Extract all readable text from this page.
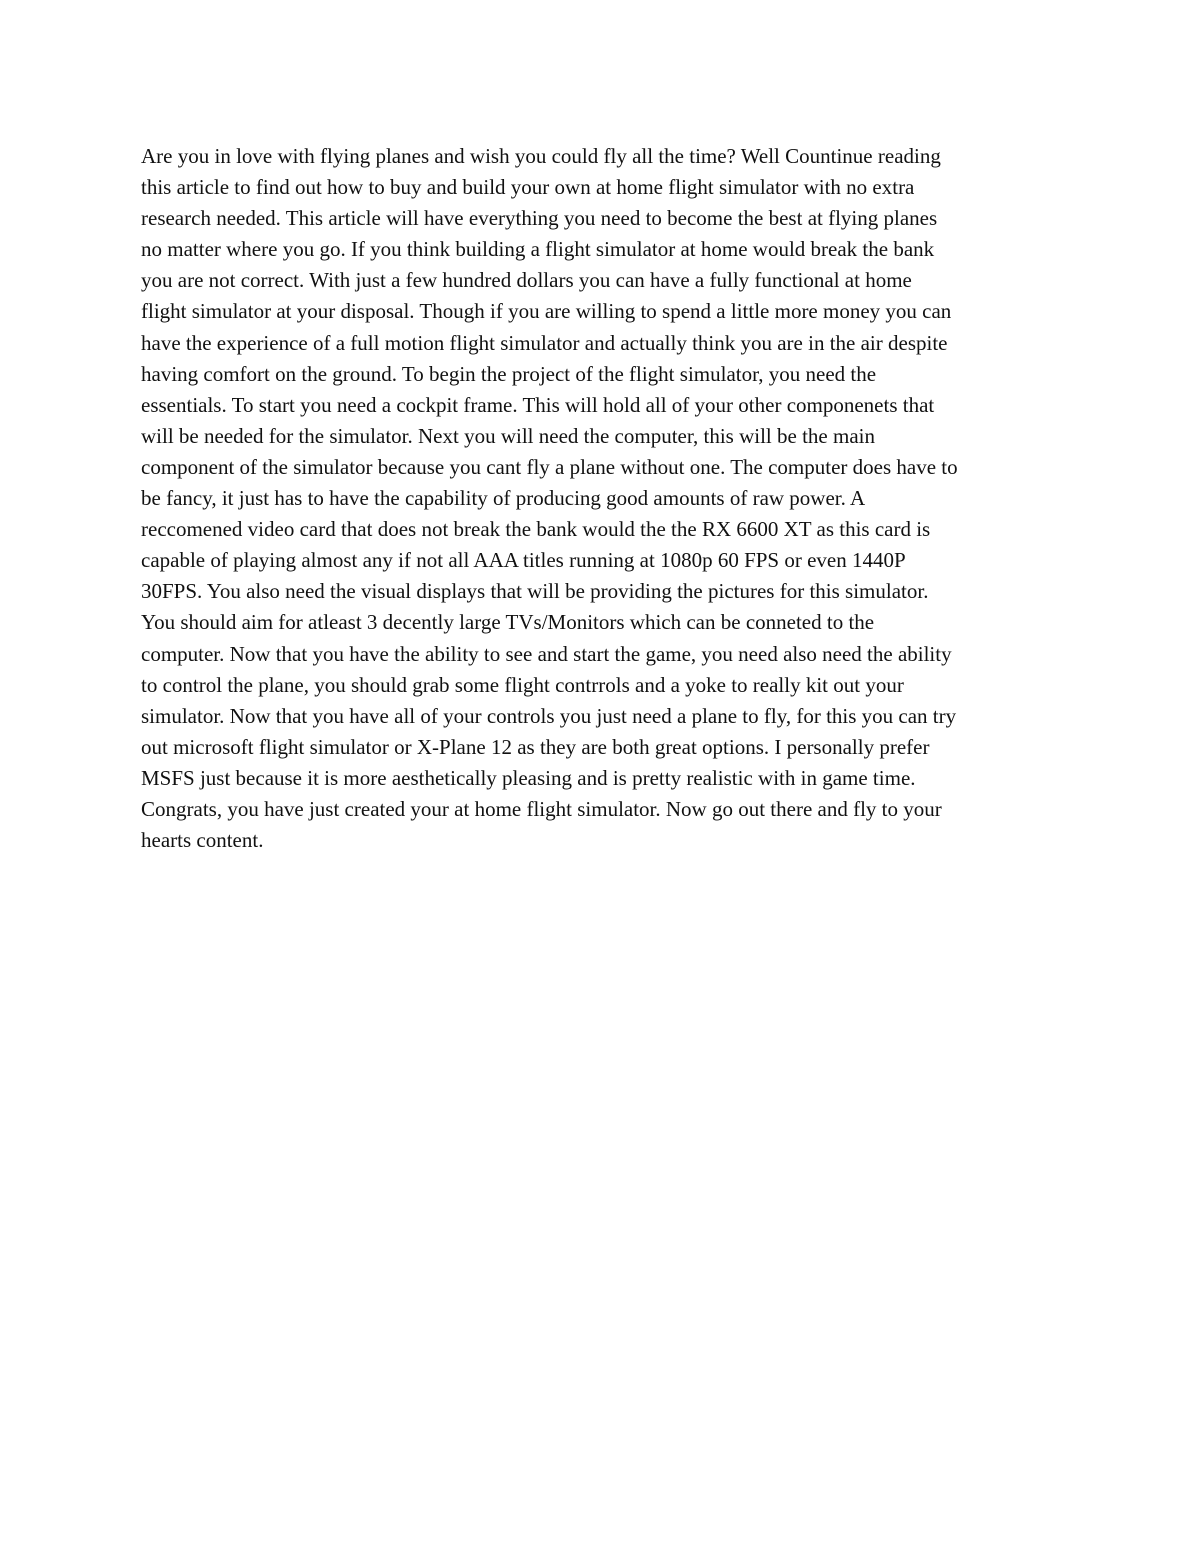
Are you in love with flying planes and wish you could fly all the time? Well Countinue reading
this article to find out how to buy and build your own at home flight simulator with no extra
research needed. This article will have everything you need to become the best at flying planes
no matter where you go. If you think building a flight simulator at home would break the bank
you are not correct. With just a few hundred dollars you can have a fully functional at home
flight simulator at your disposal. Though if you are willing to spend a little more money you can
have the experience of a full motion flight simulator and actually think you are in the air despite
having comfort on the ground. To begin the project of the flight simulator, you need the
essentials. To start you need a cockpit frame. This will hold all of your other componenets that
will be needed for the simulator. Next you will need the computer, this will be the main
component of the simulator because you cant fly a plane without one. The computer does have to
be fancy, it just has to have the capability of producing good amounts of raw power. A
reccomened video card that does not break the bank would the the RX 6600 XT as this card is
capable of playing almost any if not all AAA titles running at 1080p 60 FPS or even 1440P
30FPS. You also need the visual displays that will be providing the pictures for this simulator.
You should aim for atleast 3 decently large TVs/Monitors which can be conneted to the
computer. Now that you have the ability to see and start the game, you need also need the ability
to control the plane, you should grab some flight contrrols and a yoke to really kit out your
simulator. Now that you have all of your controls you just need a plane to fly, for this you can try
out microsoft flight simulator or X-Plane 12 as they are both great options. I personally prefer
MSFS just because it is more aesthetically pleasing and is pretty realistic with in game time.
Congrats, you have just created your at home flight simulator. Now go out there and fly to your
hearts content.
